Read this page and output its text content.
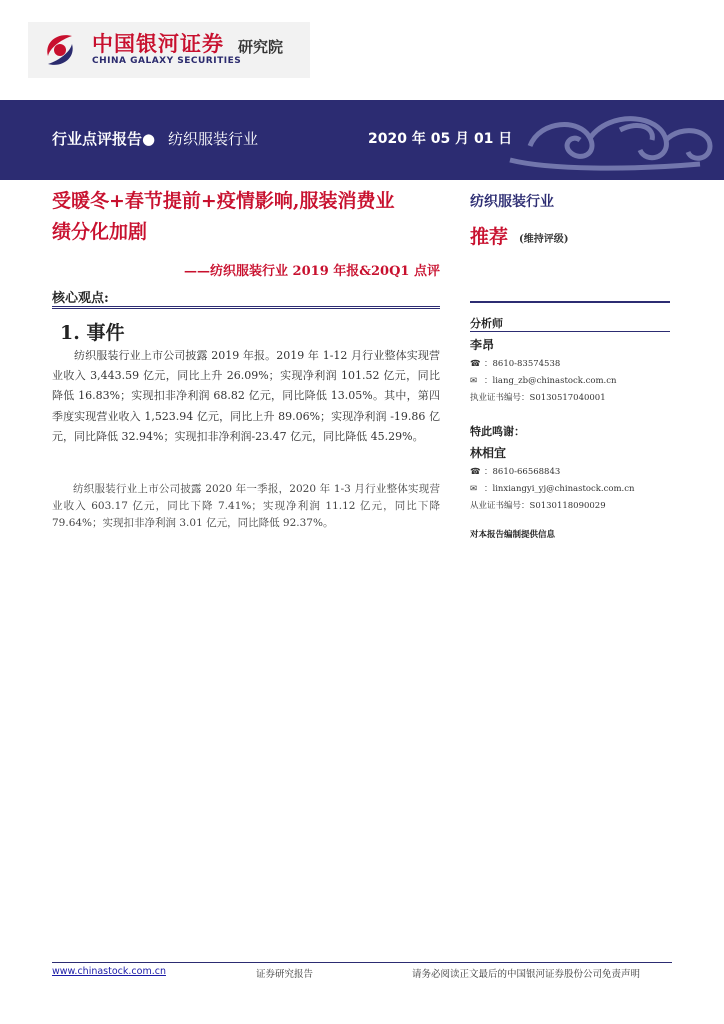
中国银河证券
CHINA GALAXY SECURITIES
研究院
行业点评报告● 纺织服装行业	2020 年 05 月 01 日
受暖冬+春节提前+疫情影响,服装消费业
绩分化加剧
——纺织服装行业 2019 年报&20Q1 点评
核心观点:
1. 事件
纺织服装行业上市公司披露 2019 年报。2019 年 1-12 月行业整体实现营业收入 3,443.59 亿元，同比上升 26.09%；实现净利润 101.52 亿元，同比降低 16.83%；实现扣非净利润 68.82 亿元，同比降低 13.05%。其中，第四季度实现营业收入 1,523.94 亿元，同比上升 89.06%；实现净利润 -19.86 亿元，同比降低 32.94%；实现扣非净利润-23.47 亿元，同比降低 45.29%。
纺织服装行业上市公司披露 2020 年一季报，2020 年 1-3 月行业整体实现营业收入 603.17 亿元，同比下降 7.41%；实现净利润 11.12 亿元，同比下降 79.64%；实现扣非净利润 3.01 亿元，同比降低 92.37%。
纺织服装行业
推荐 (维持评级)
分析师
李昂
☎ ：8610-83574538
✉ ：liang_zb@chinastock.com.cn
执业证书编号：S0130517040001
特此鸣谢：
林相宜
☎ ：8610-66568843
✉ ：linxiangyi_yj@chinastock.com.cn
从业证书编号：S0130118090029
对本报告编制提供信息
www.chinastock.com.cn	证券研究报告	请务必阅读正文最后的中国银河证券股份公司免责声明
